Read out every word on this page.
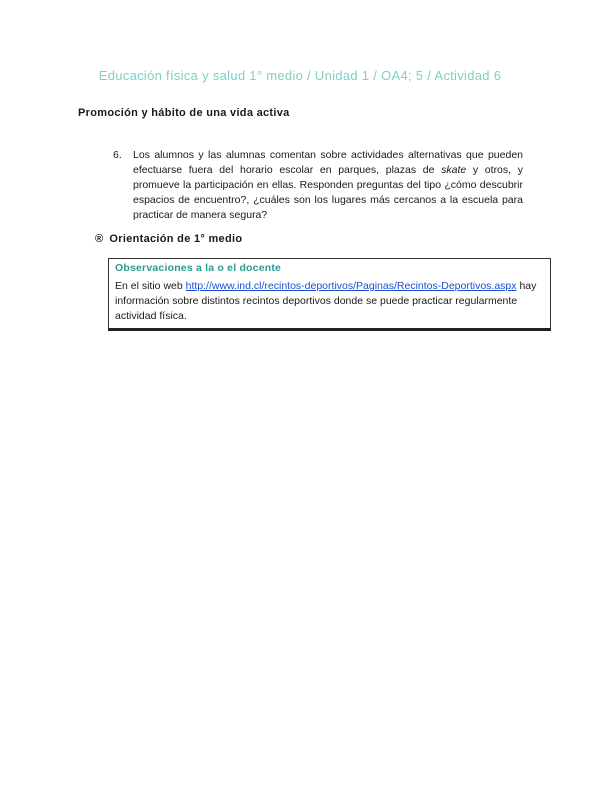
Educación física y salud 1° medio / Unidad 1 / OA4; 5 / Actividad 6
Promoción y hábito de una vida activa
6. Los alumnos y las alumnas comentan sobre actividades alternativas que pueden efectuarse fuera del horario escolar en parques, plazas de skate y otros, y promueve la participación en ellas. Responden preguntas del tipo ¿cómo descubrir espacios de encuentro?, ¿cuáles son los lugares más cercanos a la escuela para practicar de manera segura?
® Orientación de 1° medio
Observaciones a la o el docente
En el sitio web http://www.ind.cl/recintos-deportivos/Paginas/Recintos-Deportivos.aspx hay información sobre distintos recintos deportivos donde se puede practicar regularmente actividad física.
